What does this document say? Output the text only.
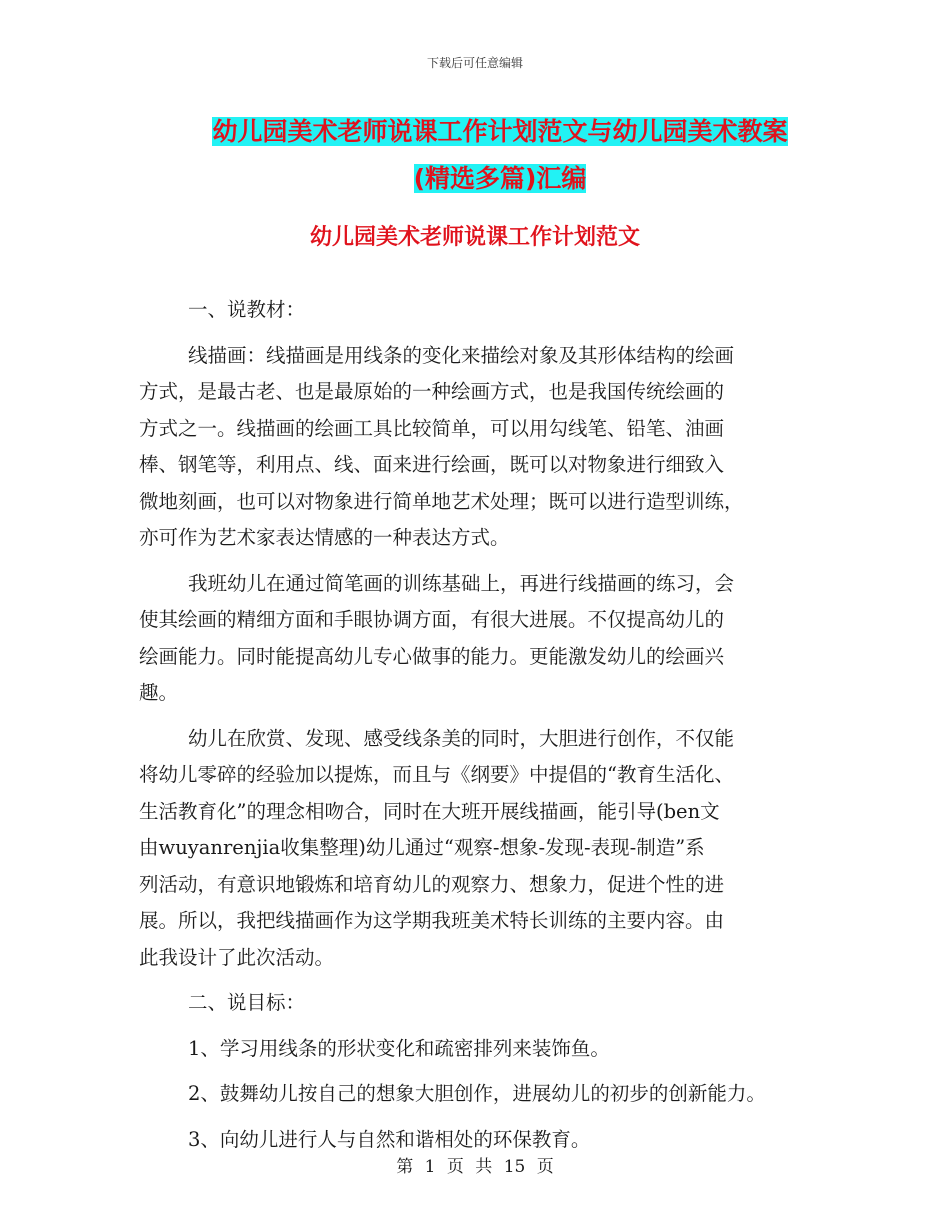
下载后可任意编辑
幼儿园美术老师说课工作计划范文与幼儿园美术教案
(精选多篇)汇编
幼儿园美术老师说课工作计划范文
一、说教材：
线描画：线描画是用线条的变化来描绘对象及其形体结构的绘画
方式，是最古老、也是最原始的一种绘画方式，也是我国传统绘画的
方式之一。线描画的绘画工具比较简单，可以用勾线笔、铅笔、油画
棒、钢笔等，利用点、线、面来进行绘画，既可以对物象进行细致入
微地刻画，也可以对物象进行简单地艺术处理；既可以进行造型训练，
亦可作为艺术家表达情感的一种表达方式。
我班幼儿在通过简笔画的训练基础上，再进行线描画的练习，会
使其绘画的精细方面和手眼协调方面，有很大进展。不仅提高幼儿的
绘画能力。同时能提高幼儿专心做事的能力。更能激发幼儿的绘画兴
趣。
幼儿在欣赏、发现、感受线条美的同时，大胆进行创作，不仅能
将幼儿零碎的经验加以提炼，而且与《纲要》中提倡的“教育生活化、
生活教育化”的理念相吻合，同时在大班开展线描画，能引导(ben文
由wuyanrenjia收集整理)幼儿通过“观察-想象-发现-表现-制造”系
列活动，有意识地锻炼和培育幼儿的观察力、想象力，促进个性的进
展。所以，我把线描画作为这学期我班美术特长训练的主要内容。由
此我设计了此次活动。
二、说目标：
1、学习用线条的形状变化和疏密排列来装饰鱼。
2、鼓舞幼儿按自己的想象大胆创作，进展幼儿的初步的创新能力。
3、向幼儿进行人与自然和谐相处的环保教育。
第 1 页 共 15 页
